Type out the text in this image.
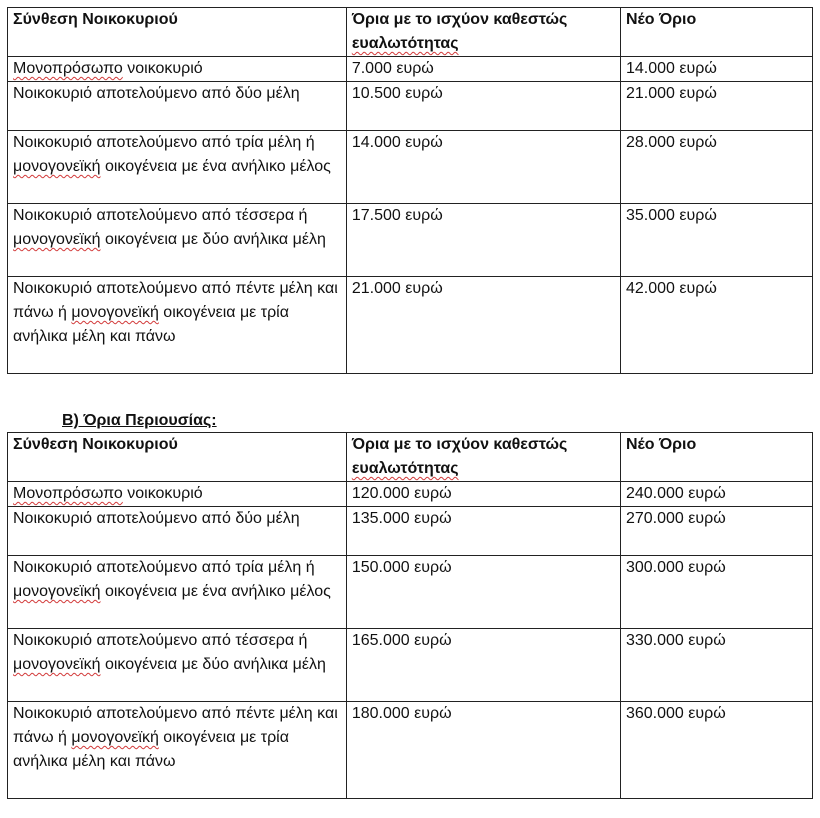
Σύνθεση Νοικοκυριού	Όρια με το ισχύον καθεστώς ευαλωτότητας	Νέο Όριο
Μονοπρόσωπο νοικοκυριό	7.000 ευρώ	14.000 ευρώ
Νοικοκυριό αποτελούμενο από δύο μέλη	10.500 ευρώ	21.000 ευρώ
Νοικοκυριό αποτελούμενο από τρία μέλη ή μονογονεϊκή οικογένεια με ένα ανήλικο μέλος	14.000 ευρώ	28.000 ευρώ
Νοικοκυριό αποτελούμενο από τέσσερα ή μονογονεϊκή οικογένεια με δύο ανήλικα μέλη	17.500 ευρώ	35.000 ευρώ
Νοικοκυριό αποτελούμενο από πέντε μέλη και πάνω ή μονογονεϊκή οικογένεια με τρία ανήλικα μέλη και πάνω	21.000 ευρώ	42.000 ευρώ
Β) Όρια Περιουσίας:
Σύνθεση Νοικοκυριού	Όρια με το ισχύον καθεστώς ευαλωτότητας	Νέο Όριο
Μονοπρόσωπο νοικοκυριό	120.000 ευρώ	240.000 ευρώ
Νοικοκυριό αποτελούμενο από δύο μέλη	135.000 ευρώ	270.000 ευρώ
Νοικοκυριό αποτελούμενο από τρία μέλη ή μονογονεϊκή οικογένεια με ένα ανήλικο μέλος	150.000 ευρώ	300.000 ευρώ
Νοικοκυριό αποτελούμενο από τέσσερα ή μονογονεϊκή οικογένεια με δύο ανήλικα μέλη	165.000 ευρώ	330.000 ευρώ
Νοικοκυριό αποτελούμενο από πέντε μέλη και πάνω ή μονογονεϊκή οικογένεια με τρία ανήλικα μέλη και πάνω	180.000 ευρώ	360.000 ευρώ
